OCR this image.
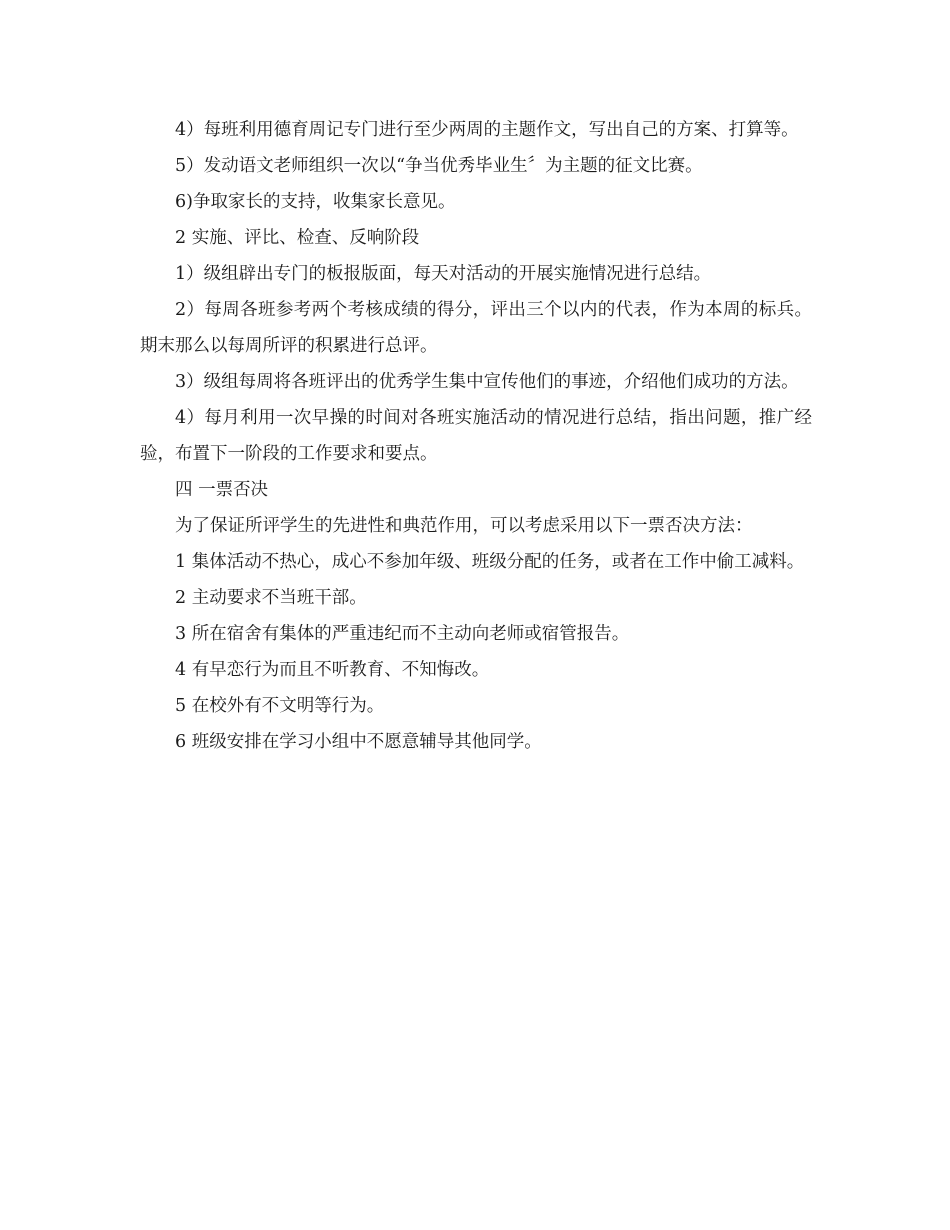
4）每班利用德育周记专门进行至少两周的主题作文，写出自己的方案、打算等。

5）发动语文老师组织一次以“争当优秀毕业生〞为主题的征文比赛。

6)争取家长的支持，收集家长意见。

2 实施、评比、检查、反响阶段

1）级组辟出专门的板报版面，每天对活动的开展实施情况进行总结。

2）每周各班参考两个考核成绩的得分，评出三个以内的代表，作为本周的标兵。期末那么以每周所评的积累进行总评。

3）级组每周将各班评出的优秀学生集中宣传他们的事迹，介绍他们成功的方法。

4）每月利用一次早操的时间对各班实施活动的情况进行总结，指出问题，推广经验，布置下一阶段的工作要求和要点。

四 一票否决

为了保证所评学生的先进性和典范作用，可以考虑采用以下一票否决方法：

1 集体活动不热心，成心不参加年级、班级分配的任务，或者在工作中偷工减料。

2 主动要求不当班干部。

3 所在宿舍有集体的严重违纪而不主动向老师或宿管报告。

4 有早恋行为而且不听教育、不知悔改。

5 在校外有不文明等行为。

6 班级安排在学习小组中不愿意辅导其他同学。
